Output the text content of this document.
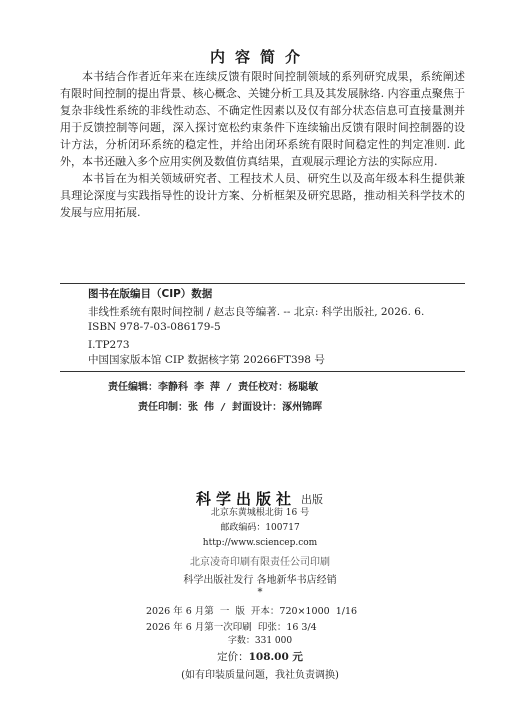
内容简介

本书结合作者近年来在连续反馈有限时间控制领域的系列研究成果，系统阐述有限时间控制的提出背景、核心概念、关键分析工具及其发展脉络. 内容重点聚焦于复杂非线性系统的非线性动态、不确定性因素以及仅有部分状态信息可直接量测并用于反馈控制等问题，深入探讨宽松约束条件下连续输出反馈有限时间控制器的设计方法，分析闭环系统的稳定性，并给出闭环系统有限时间稳定性的判定准则. 此外，本书还融入多个应用实例及数值仿真结果，直观展示理论方法的实际应用.

本书旨在为相关领域研究者、工程技术人员、研究生以及高年级本科生提供兼具理论深度与实践指导性的设计方案、分析框架及研究思路，推动相关科学技术的发展与应用拓展.

图书在版编目（CIP）数据
非线性系统有限时间控制 / 赵志良等编著. -- 北京: 科学出版社, 2026. 6.
ISBN 978-7-03-086179-5
Ⅰ.TP273
中国国家版本馆 CIP 数据核字第 20266FT398 号
责任编辑：李静科 李 萍 / 责任校对：杨聪敏
责任印制：张 伟 / 封面设计：涿州锦晖
科学出版社 出版
北京东黄城根北街 16 号
邮政编码：100717
http://www.sciencep.com
北京凌奇印刷有限责任公司印刷
科学出版社发行 各地新华书店经销
*
2026 年 6 月第  一  版  开本：720×1000  1/16
2026 年 6 月第一次印刷  印张：16 3/4
字数：331 000
定价：108.00 元
(如有印装质量问题，我社负责调换)
